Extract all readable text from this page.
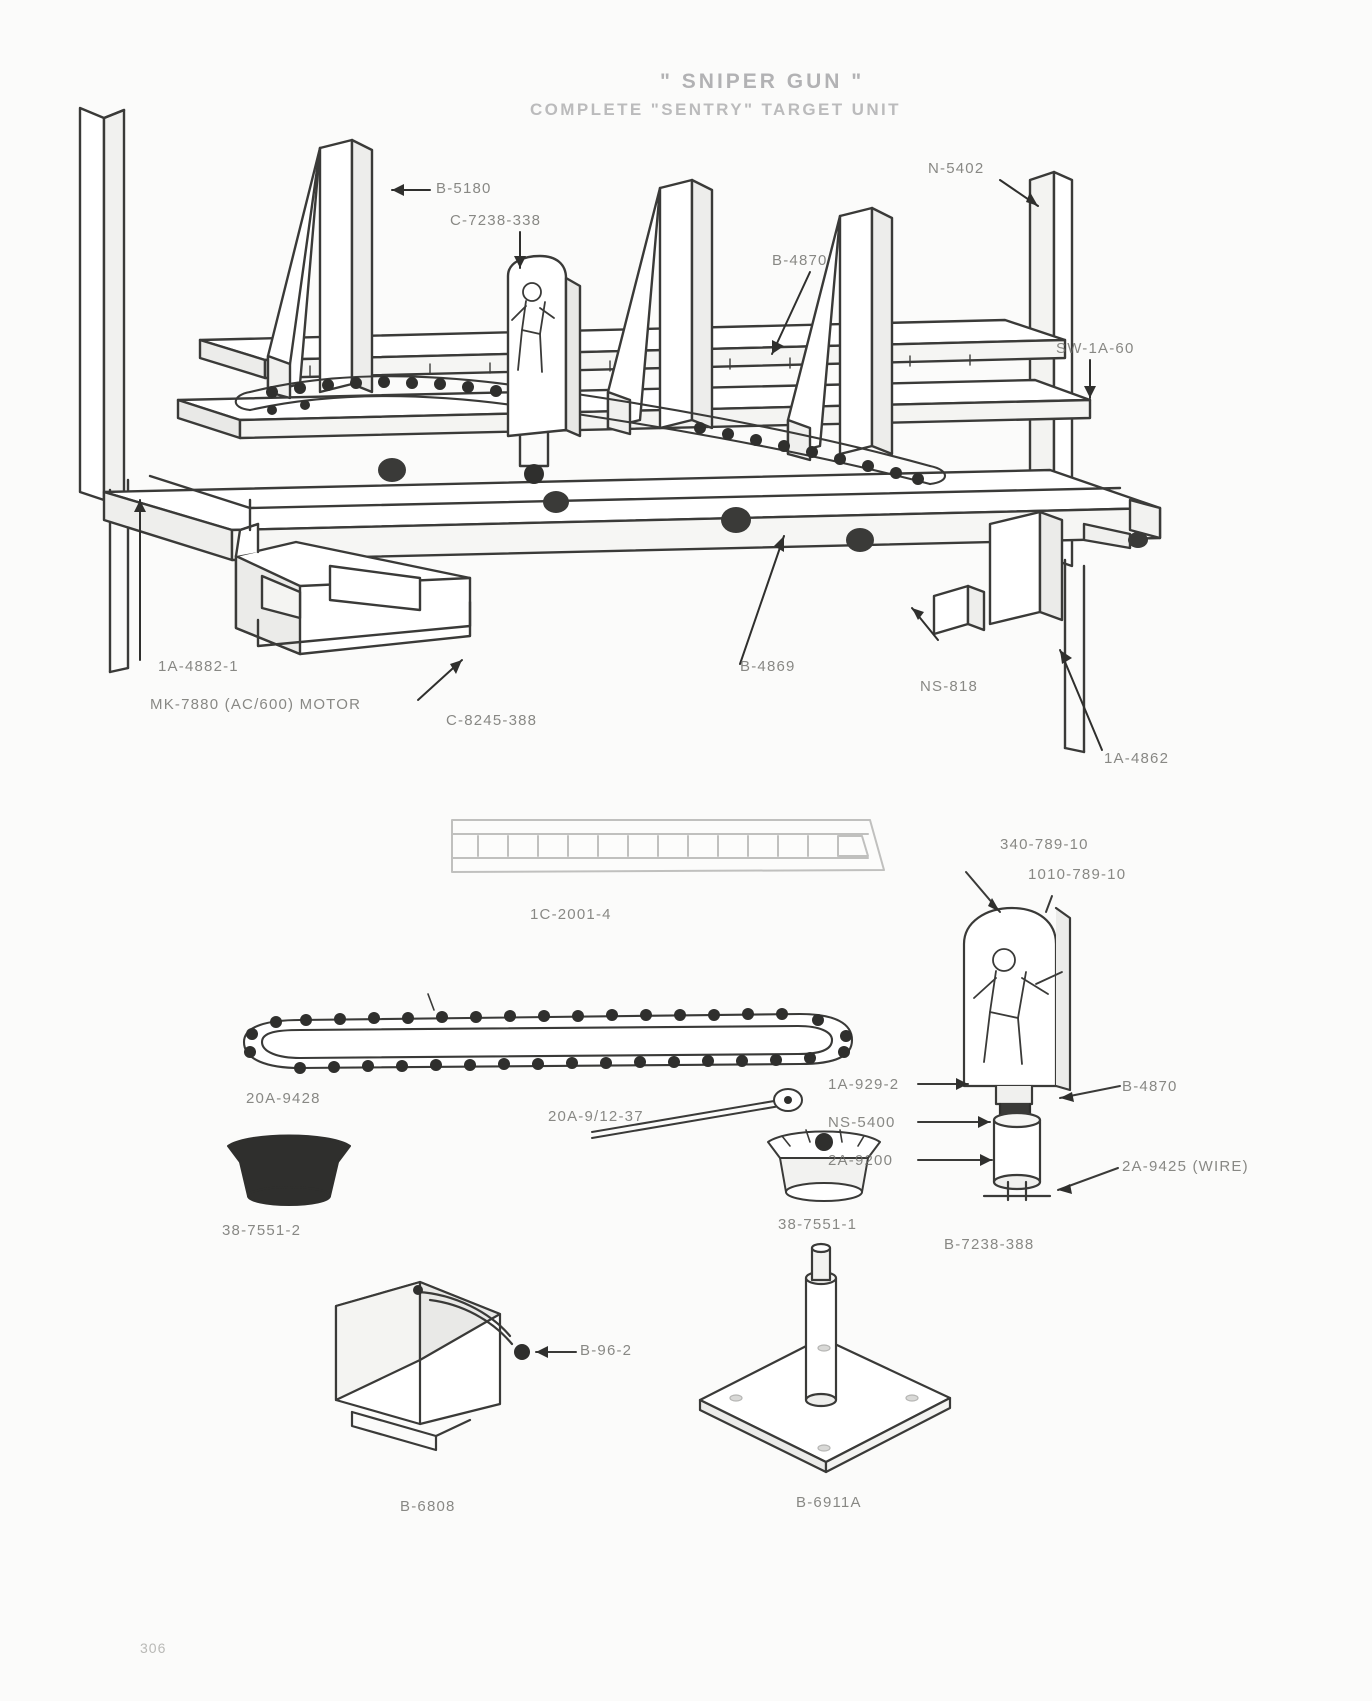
" SNIPER GUN "
COMPLETE "SENTRY" TARGET UNIT
B-5180
C-7238-338
B-4870
N-5402
SW-1A-60
1A-4882-1
MK-7880 (AC/600) MOTOR
C-8245-388
B-4869
NS-818
1A-4862
1C-2001-4
20A-9428
20A-9/12-37
38-7551-2	38-7551-1
340-789-10
1010-789-10
1A-929-2
NS-5400
2A-9200
B-4870
2A-9425 (WIRE)
B-7238-388
B-96-2
B-6808	B-6911A
306
